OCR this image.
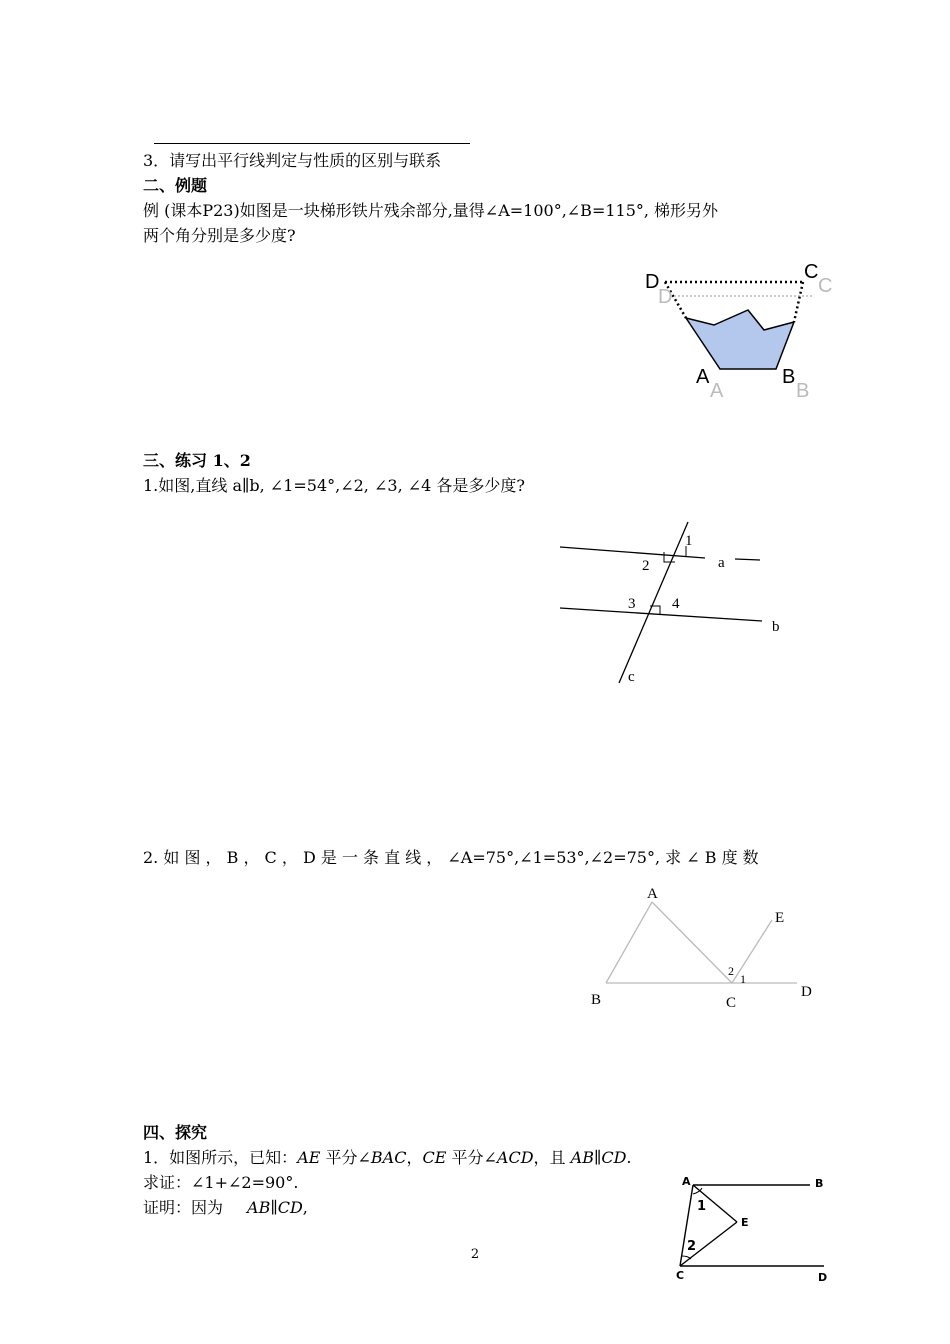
3．请写出平行线判定与性质的区别与联系
二、例题
例 (课本P23)如图是一块梯形铁片残余部分,量得∠A=100°,∠B=115°, 梯形另外
两个角分别是多少度?
D	C
A	B
D	C
A	B
三、练习 1、2
1.如图,直线 a∥b, ∠1=54°,∠2, ∠3, ∠4 各是多少度?
1
2
3 4
a
b
c
2. 如 图 ， B ， C ， D 是 一 条 直 线 ， ∠A=75°,∠1=53°,∠2=75°, 求 ∠ B 度 数
A
B	C
D
E
2
1
四、探究
1．如图所示，已知：AE 平分∠BAC，CE 平分∠ACD，且 AB∥CD.
求证：∠1+∠2=90°.
证明：因为 AB∥CD,
A	B
C	D
E
1
2
2
